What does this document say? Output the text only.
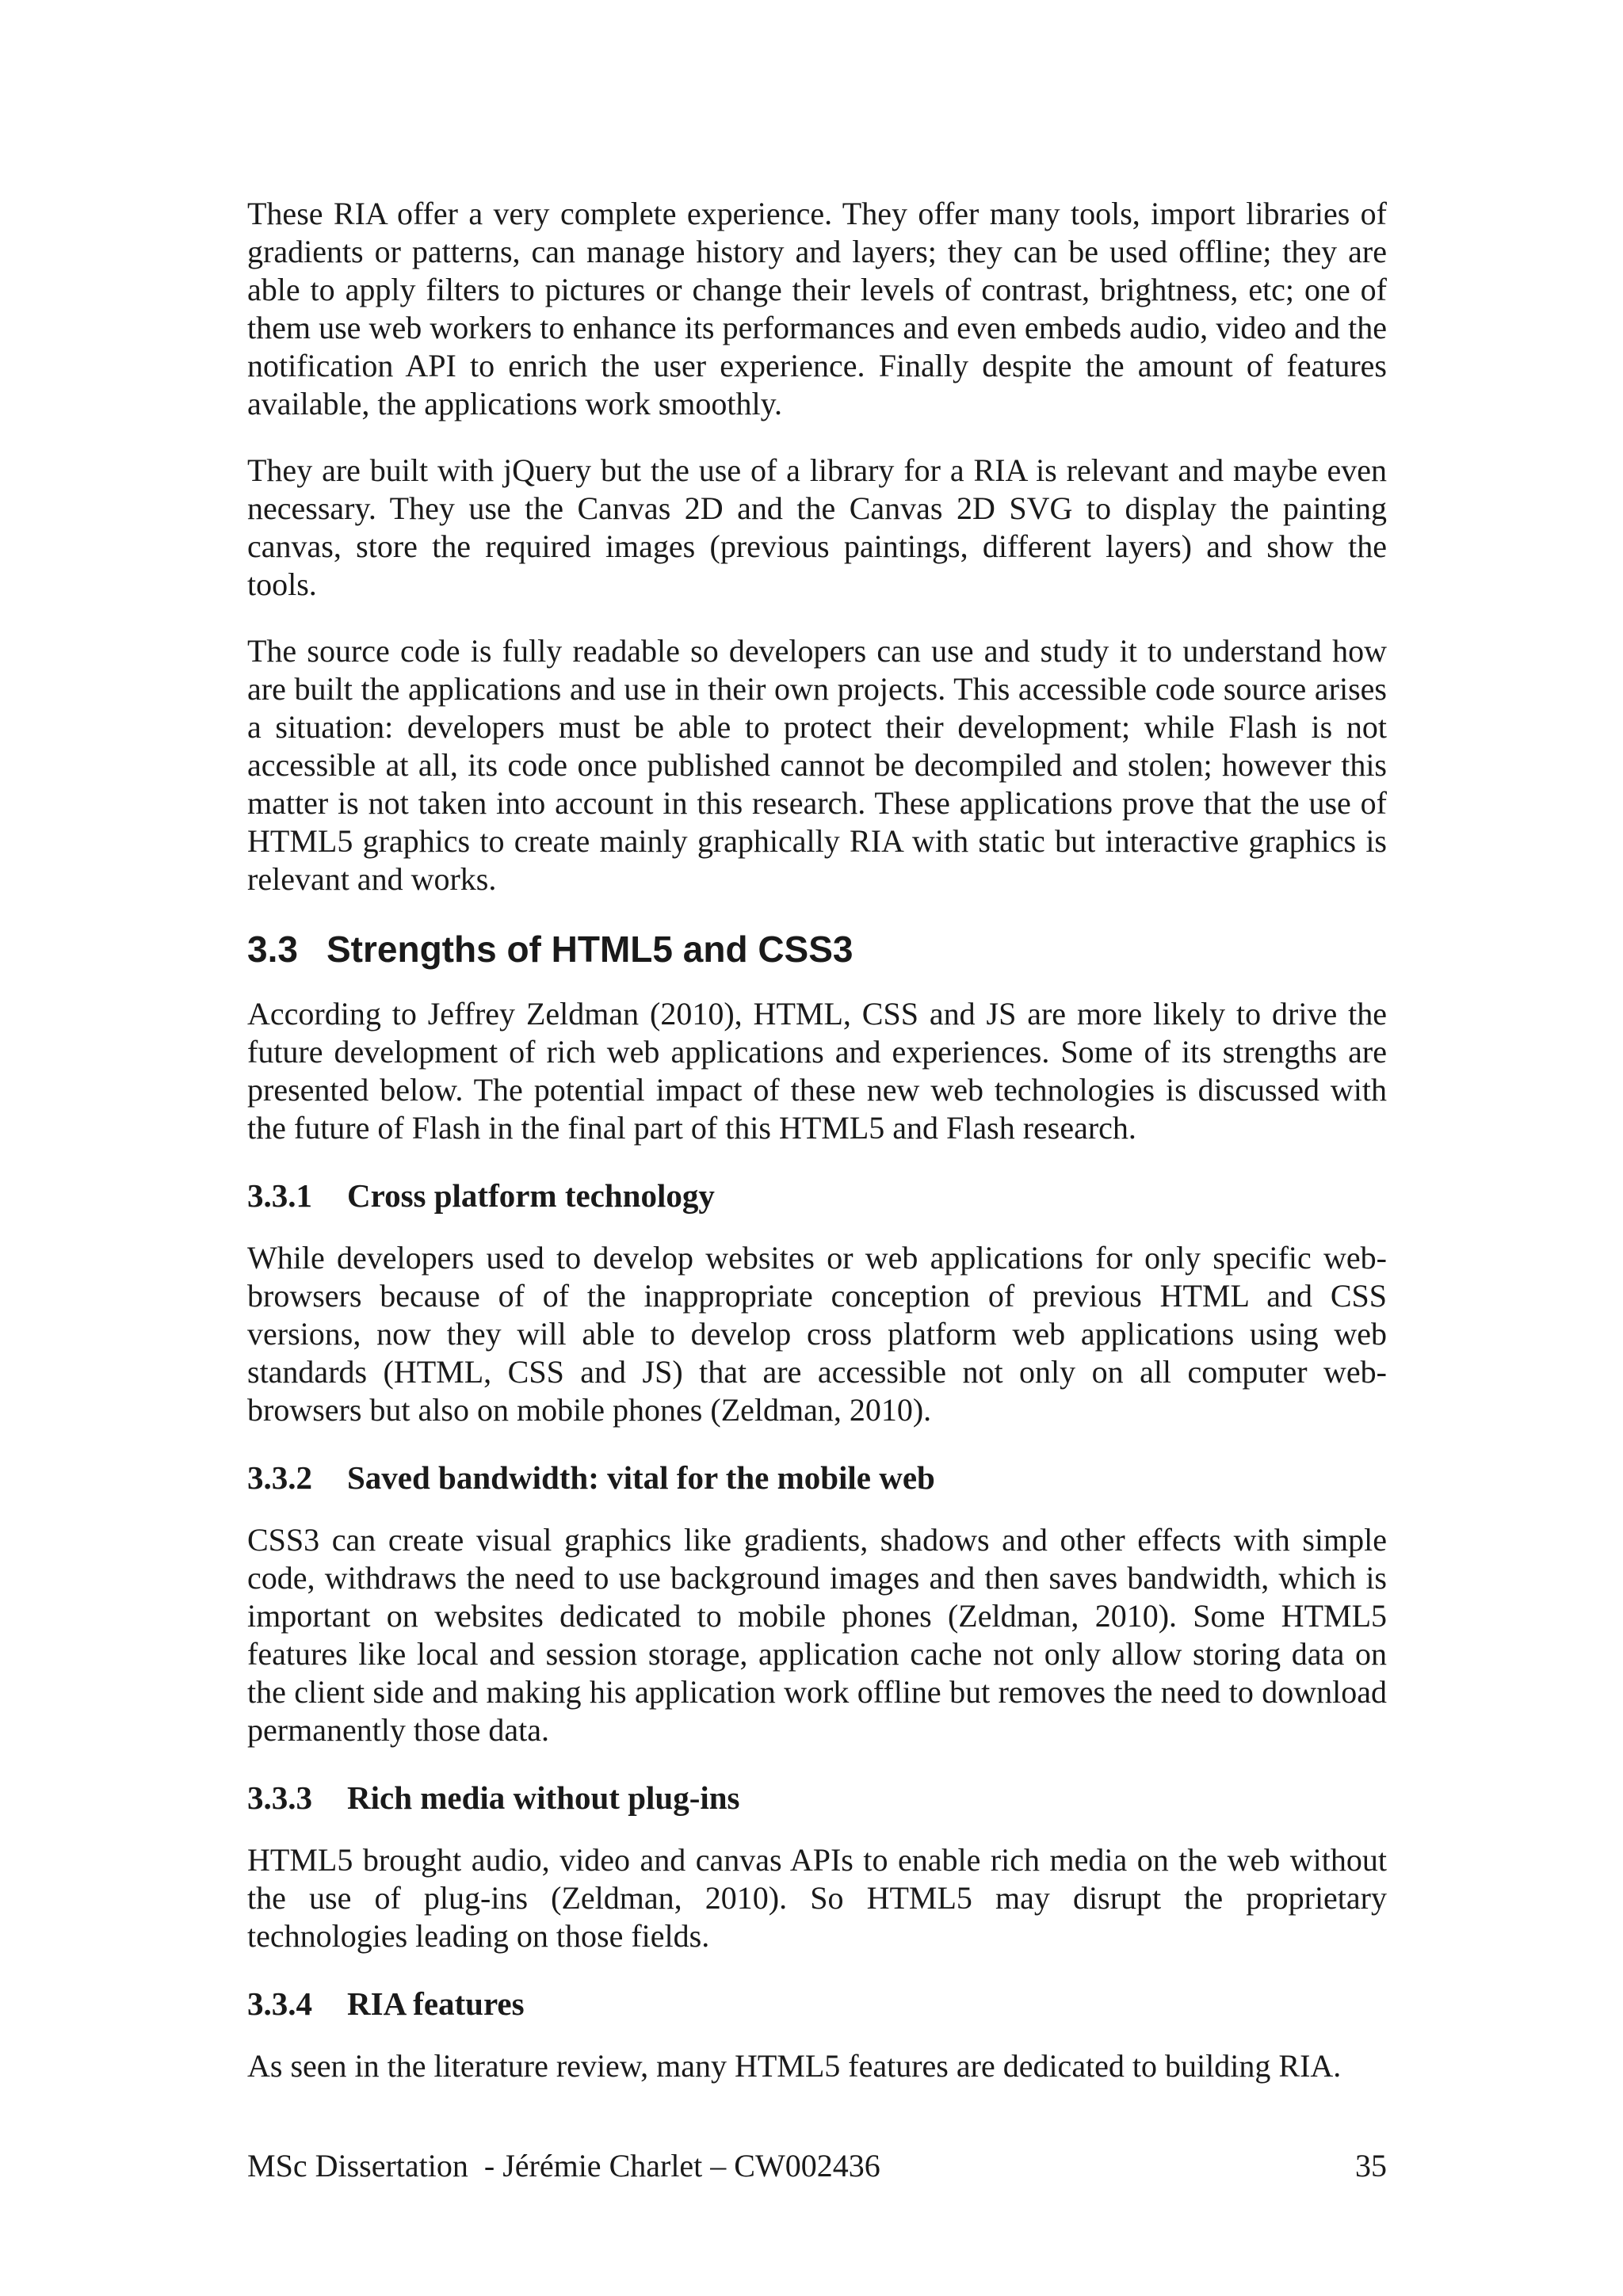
These RIA offer a very complete experience. They offer many tools, import libraries of gradients or patterns, can manage history and layers; they can be used offline; they are able to apply filters to pictures or change their levels of contrast, brightness, etc; one of them use web workers to enhance its performances and even embeds audio, video and the notification API to enrich the user experience. Finally despite the amount of features available, the applications work smoothly.

They are built with jQuery but the use of a library for a RIA is relevant and maybe even necessary. They use the Canvas 2D and the Canvas 2D SVG to display the painting canvas, store the required images (previous paintings, different layers) and show the tools.

The source code is fully readable so developers can use and study it to understand how are built the applications and use in their own projects. This accessible code source arises a situation: developers must be able to protect their development; while Flash is not accessible at all, its code once published cannot be decompiled and stolen; however this matter is not taken into account in this research. These applications prove that the use of HTML5 graphics to create mainly graphically RIA with static but interactive graphics is relevant and works.

3.3 Strengths of HTML5 and CSS3

According to Jeffrey Zeldman (2010), HTML, CSS and JS are more likely to drive the future development of rich web applications and experiences. Some of its strengths are presented below. The potential impact of these new web technologies is discussed with the future of Flash in the final part of this HTML5 and Flash research.

3.3.1 Cross platform technology

While developers used to develop websites or web applications for only specific web-browsers because of of the inappropriate conception of previous HTML and CSS versions, now they will able to develop cross platform web applications using web standards (HTML, CSS and JS) that are accessible not only on all computer web-browsers but also on mobile phones (Zeldman, 2010).

3.3.2 Saved bandwidth: vital for the mobile web

CSS3 can create visual graphics like gradients, shadows and other effects with simple code, withdraws the need to use background images and then saves bandwidth, which is important on websites dedicated to mobile phones (Zeldman, 2010). Some HTML5 features like local and session storage, application cache not only allow storing data on the client side and making his application work offline but removes the need to download permanently those data.

3.3.3 Rich media without plug-ins

HTML5 brought audio, video and canvas APIs to enable rich media on the web without the use of plug-ins (Zeldman, 2010). So HTML5 may disrupt the proprietary technologies leading on those fields.

3.3.4 RIA features

As seen in the literature review, many HTML5 features are dedicated to building RIA.

MSc Dissertation  - Jérémie Charlet – CW002436	35
